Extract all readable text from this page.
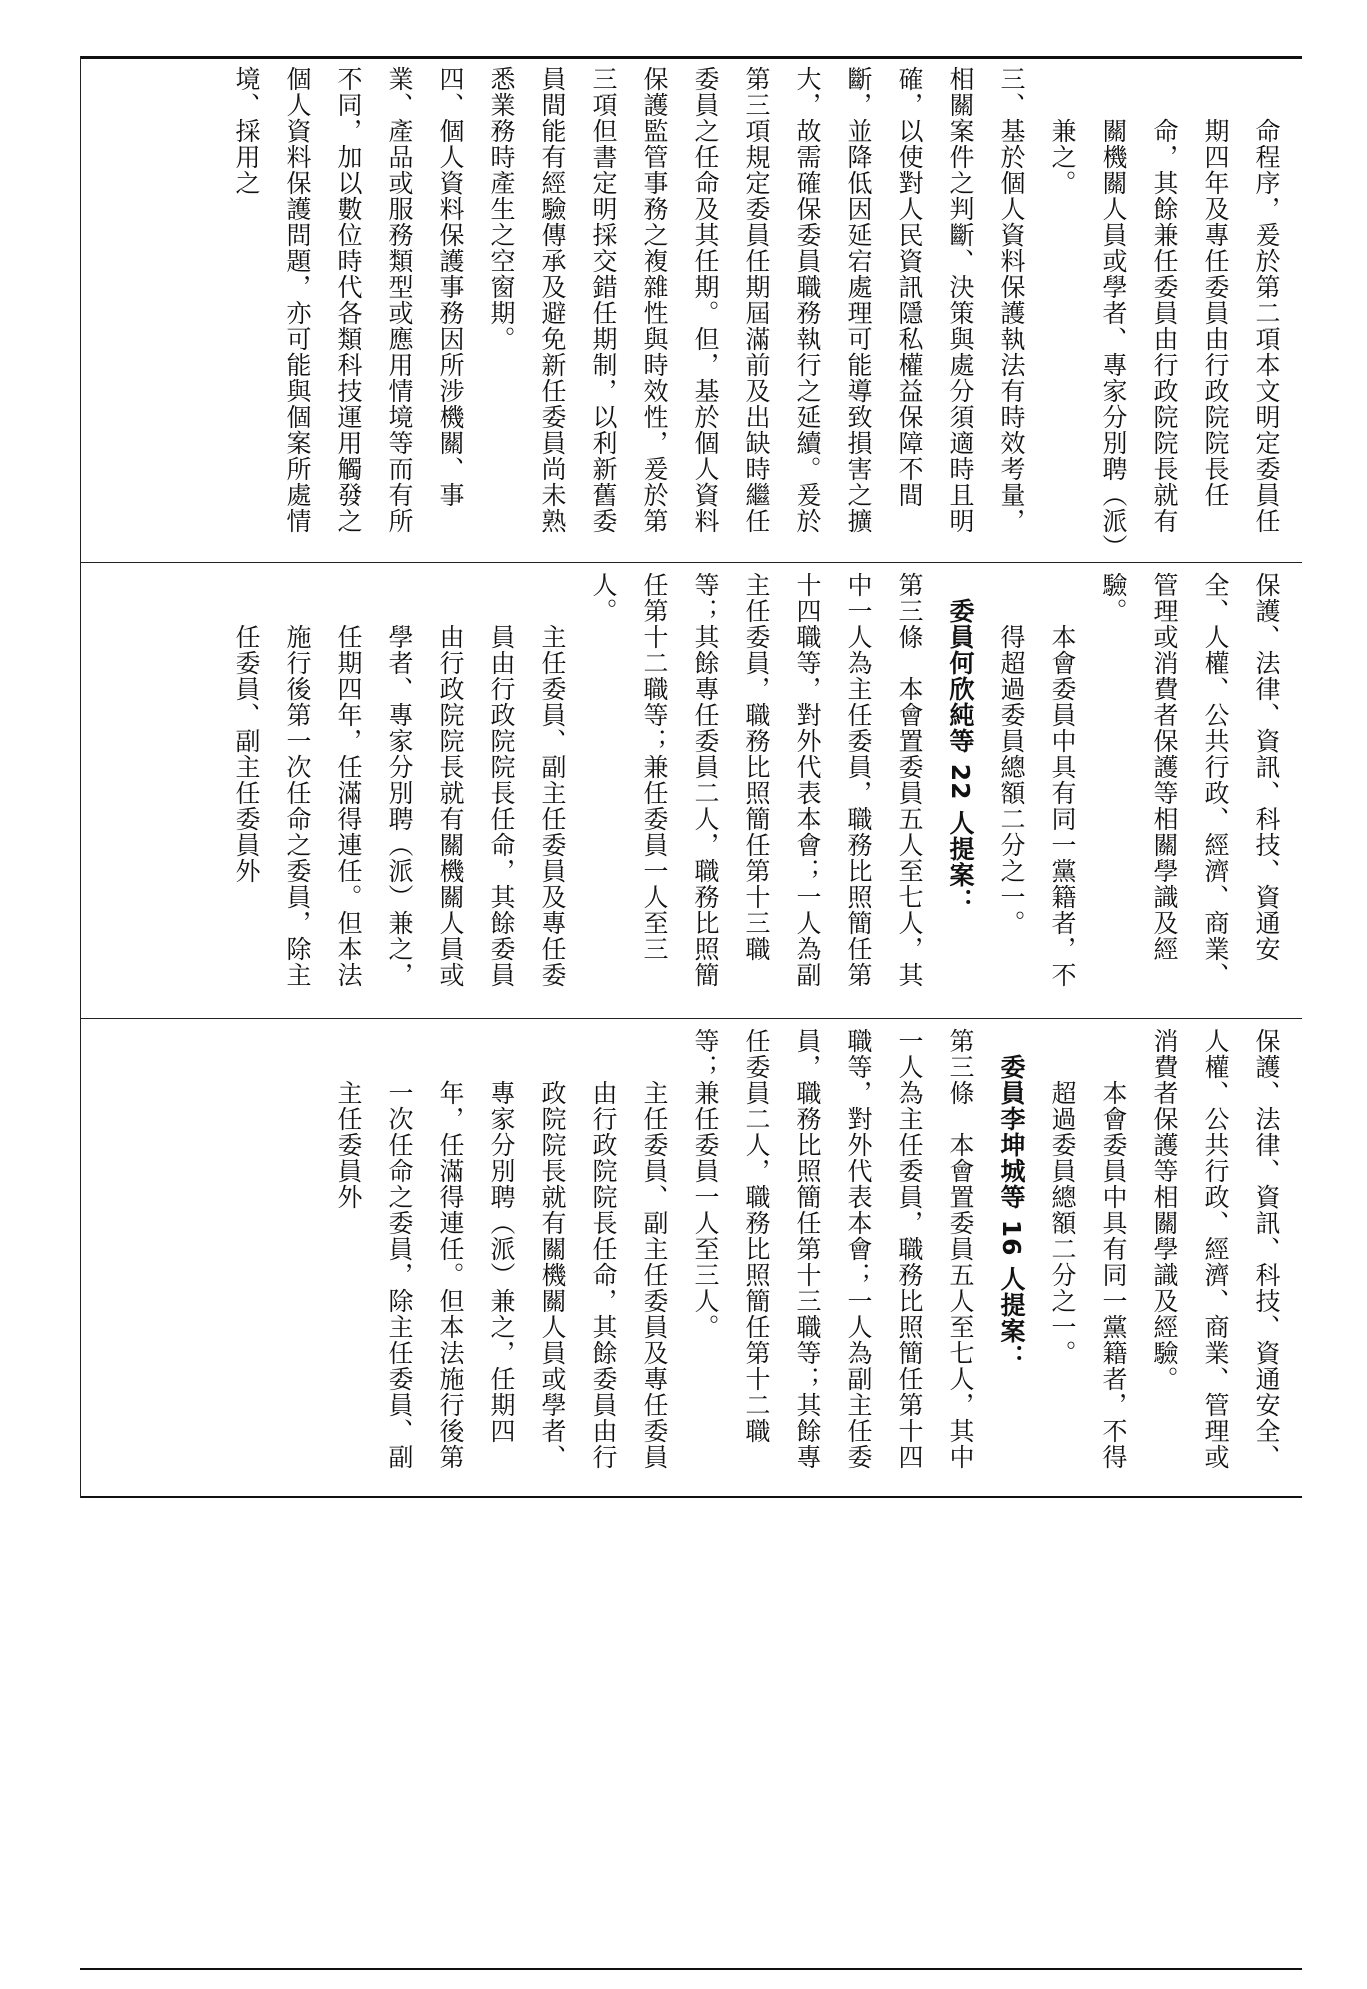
命程序，爰於第二項本文明定委員任期四年及專任委員由行政院院長任命，其餘兼任委員由行政院院長就有關機關人員或學者、專家分別聘（派）兼之。

三、基於個人資料保護執法有時效考量，相關案件之判斷、決策與處分須適時且明確，以使對人民資訊隱私權益保障不間斷，並降低因延宕處理可能導致損害之擴大，故需確保委員職務執行之延續。爰於第三項規定委員任期屆滿前及出缺時繼任委員之任命及其任期。但，基於個人資料保護監管事務之複雜性與時效性，爰於第三項但書定明採交錯任期制，以利新舊委員間能有經驗傳承及避免新任委員尚未熟悉業務時產生之空窗期。

四、個人資料保護事務因所涉機關、事業、產品或服務類型或應用情境等而有所不同，加以數位時代各類科技運用觸發之個人資料保護問題，亦可能與個案所處情境、採用之

保護、法律、資訊、科技、資通安全、人權、公共行政、經濟、商業、管理或消費者保護等相關學識及經驗。

本會委員中具有同一黨籍者，不得超過委員總額二分之一。

委員何欣純等 22 人提案：

第三條　本會置委員五人至七人，其中一人為主任委員，職務比照簡任第十四職等，對外代表本會；一人為副主任委員，職務比照簡任第十三職等；其餘專任委員二人，職務比照簡任第十二職等；兼任委員一人至三人。

主任委員、副主任委員及專任委員由行政院院長任命，其餘委員由行政院院長就有關機關人員或學者、專家分別聘（派）兼之，任期四年，任滿得連任。但本法施行後第一次任命之委員，除主任委員、副主任委員外

保護、法律、資訊、科技、資通安全、人權、公共行政、經濟、商業、管理或消費者保護等相關學識及經驗。

本會委員中具有同一黨籍者，不得超過委員總額二分之一。

委員李坤城等 16 人提案：

第三條　本會置委員五人至七人，其中一人為主任委員，職務比照簡任第十四職等，對外代表本會；一人為副主任委員，職務比照簡任第十三職等；其餘專任委員二人，職務比照簡任第十二職等；兼任委員一人至三人。

主任委員、副主任委員及專任委員由行政院院長任命，其餘委員由行政院院長就有關機關人員或學者、專家分別聘（派）兼之，任期四年，任滿得連任。但本法施行後第一次任命之委員，除主任委員、副主任委員外
